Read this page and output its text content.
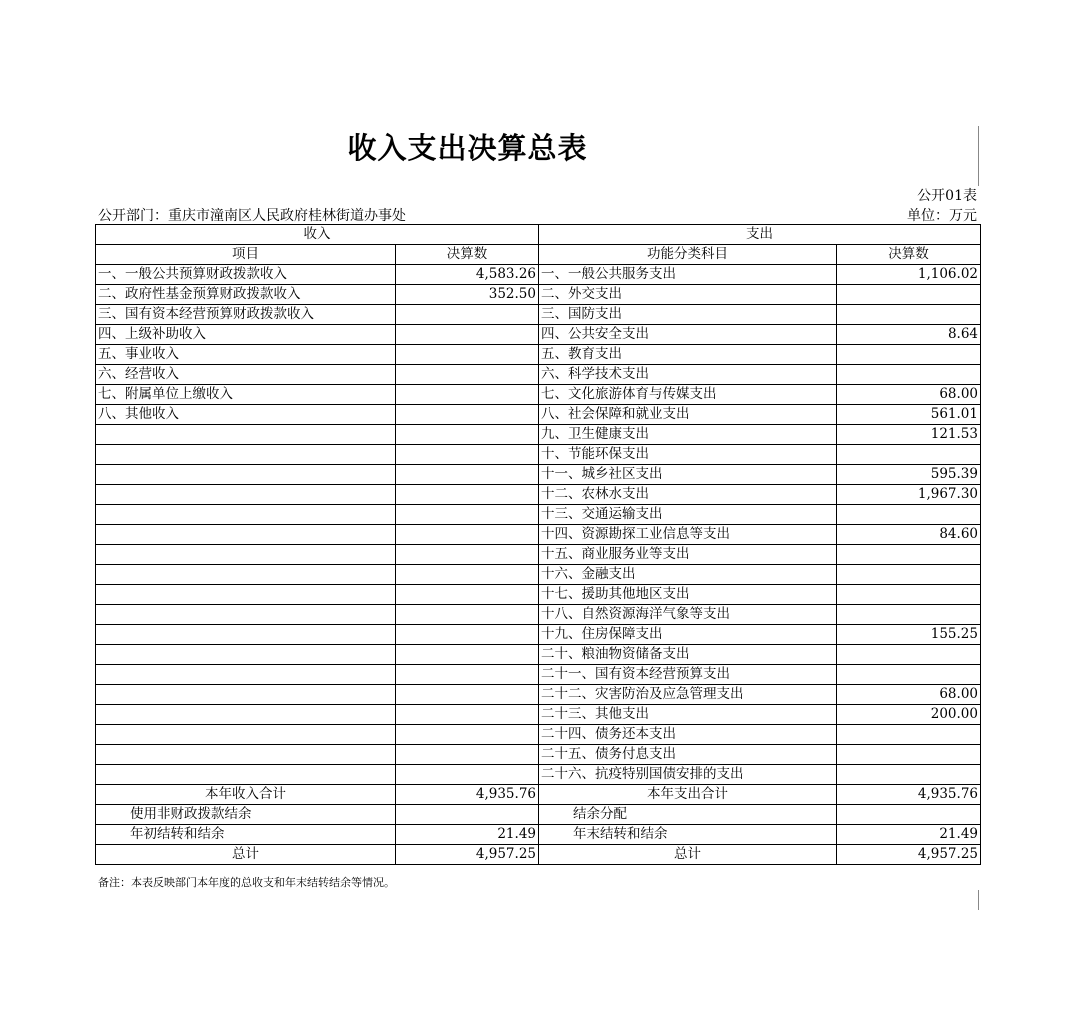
收入支出决算总表
公开01表
公开部门：重庆市潼南区人民政府桂林街道办事处	单位：万元
收入		支出	
项目	决算数	功能分类科目	决算数
一、一般公共预算财政拨款收入	4,583.26	一、一般公共服务支出	1,106.02
二、政府性基金预算财政拨款收入	352.50	二、外交支出	
三、国有资本经营预算财政拨款收入		三、国防支出	
四、上级补助收入		四、公共安全支出	8.64
五、事业收入		五、教育支出	
六、经营收入		六、科学技术支出	
七、附属单位上缴收入		七、文化旅游体育与传媒支出	68.00
八、其他收入		八、社会保障和就业支出	561.01
		九、卫生健康支出	121.53
		十、节能环保支出	
		十一、城乡社区支出	595.39
		十二、农林水支出	1,967.30
		十三、交通运输支出	
		十四、资源勘探工业信息等支出	84.60
		十五、商业服务业等支出	
		十六、金融支出	
		十七、援助其他地区支出	
		十八、自然资源海洋气象等支出	
		十九、住房保障支出	155.25
		二十、粮油物资储备支出	
		二十一、国有资本经营预算支出	
		二十二、灾害防治及应急管理支出	68.00
		二十三、其他支出	200.00
		二十四、债务还本支出	
		二十五、债务付息支出	
		二十六、抗疫特别国债安排的支出	
本年收入合计	4,935.76	本年支出合计	4,935.76
使用非财政拨款结余		结余分配	
年初结转和结余	21.49	年末结转和结余	21.49
总计	4,957.25	总计	4,957.25
备注：本表反映部门本年度的总收支和年末结转结余等情况。
